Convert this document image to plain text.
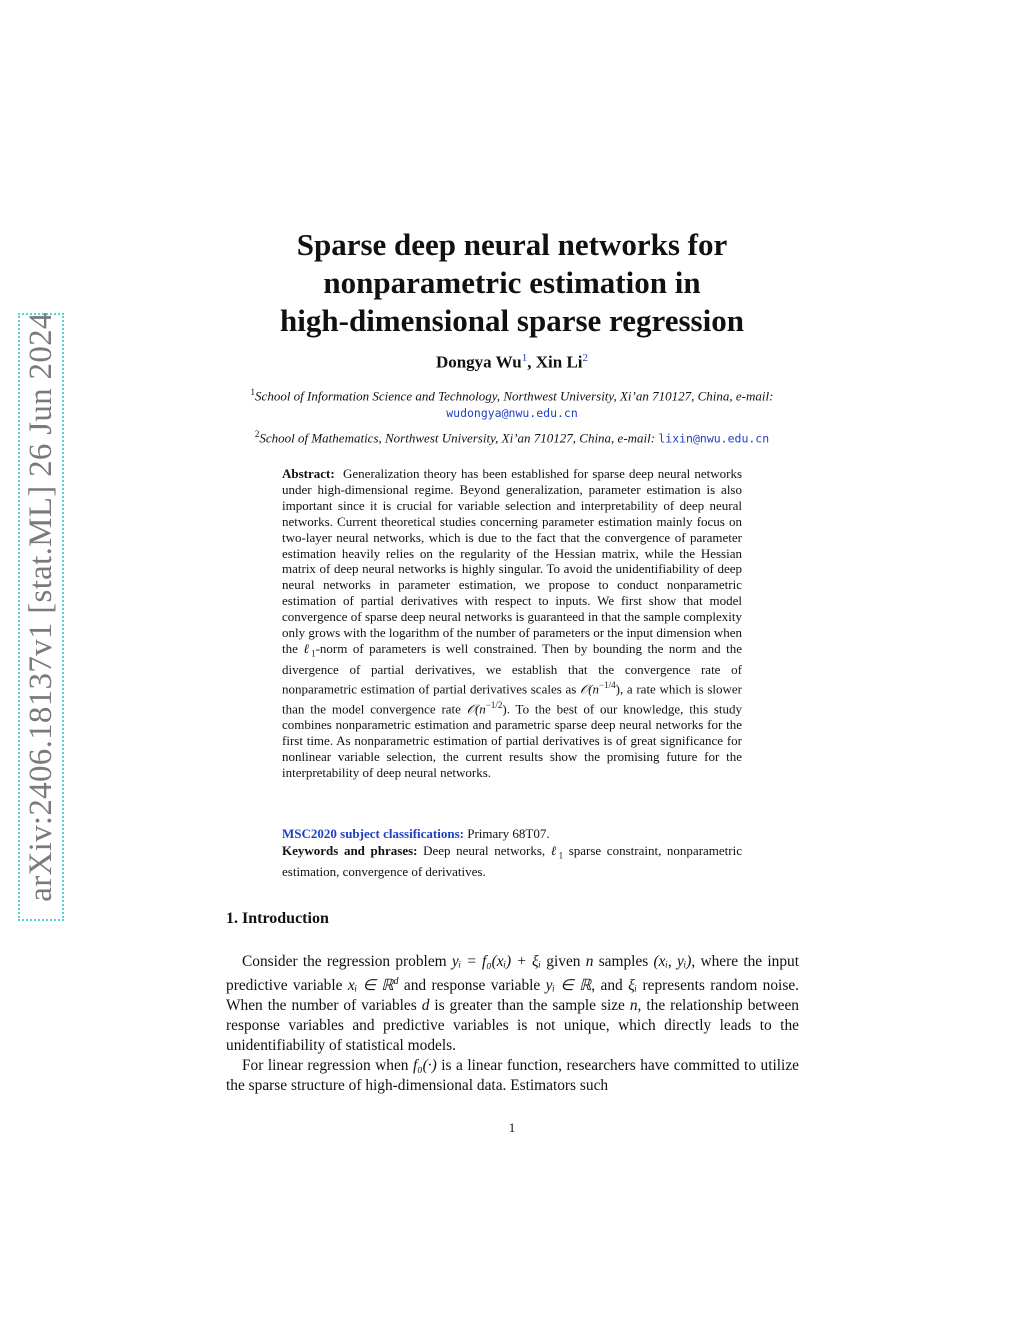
arXiv:2406.18137v1 [stat.ML] 26 Jun 2024
Sparse deep neural networks for
nonparametric estimation in
high-dimensional sparse regression
Dongya Wu$^1$, Xin Li$^2$
$^1$School of Information Science and Technology, Northwest University, Xi’an 710127, China, e-mail: wudongya@nwu.edu.cn
$^2$School of Mathematics, Northwest University, Xi’an 710127, China, e-mail: lixin@nwu.edu.cn
Abstract: Generalization theory has been established for sparse deep neural networks under high-dimensional regime. Beyond generalization, parameter estimation is also important since it is crucial for variable selection and interpretability of deep neural networks. Current theoretical studies concerning parameter estimation mainly focus on two-layer neural networks, which is due to the fact that the convergence of parameter estimation heavily relies on the regularity of the Hessian matrix, while the Hessian matrix of deep neural networks is highly singular. To avoid the unidentifiability of deep neural networks in parameter estimation, we propose to conduct nonparametric estimation of partial derivatives with respect to inputs. We first show that model convergence of sparse deep neural networks is guaranteed in that the sample complexity only grows with the logarithm of the number of parameters or the input dimension when the ℓ$_1$-norm of parameters is well constrained. Then by bounding the norm and the divergence of partial derivatives, we establish that the convergence rate of nonparametric estimation of partial derivatives scales as $𝒪(n^{-1/4})$, a rate which is slower than the model convergence rate $𝒪(n^{-1/2})$. To the best of our knowledge, this study combines nonparametric estimation and parametric sparse deep neural networks for the first time. As nonparametric estimation of partial derivatives is of great significance for nonlinear variable selection, the current results show the promising future for the interpretability of deep neural networks.
MSC2020 subject classifications: Primary 68T07.
Keywords and phrases: Deep neural networks, ℓ$_1$ sparse constraint, nonparametric estimation, convergence of derivatives.
1. Introduction

Consider the regression problem yᵢ = f₀(xᵢ) + ξᵢ given n samples (xᵢ, yᵢ), where the input predictive variable xᵢ ∈ ℝ$^d$ and response variable yᵢ ∈ ℝ, and ξᵢ represents random noise. When the number of variables d is greater than the sample size n, the relationship between response variables and predictive variables is not unique, which directly leads to the unidentifiability of statistical models.

For linear regression when f₀(·) is a linear function, researchers have committed to utilize the sparse structure of high-dimensional data. Estimators such

1
